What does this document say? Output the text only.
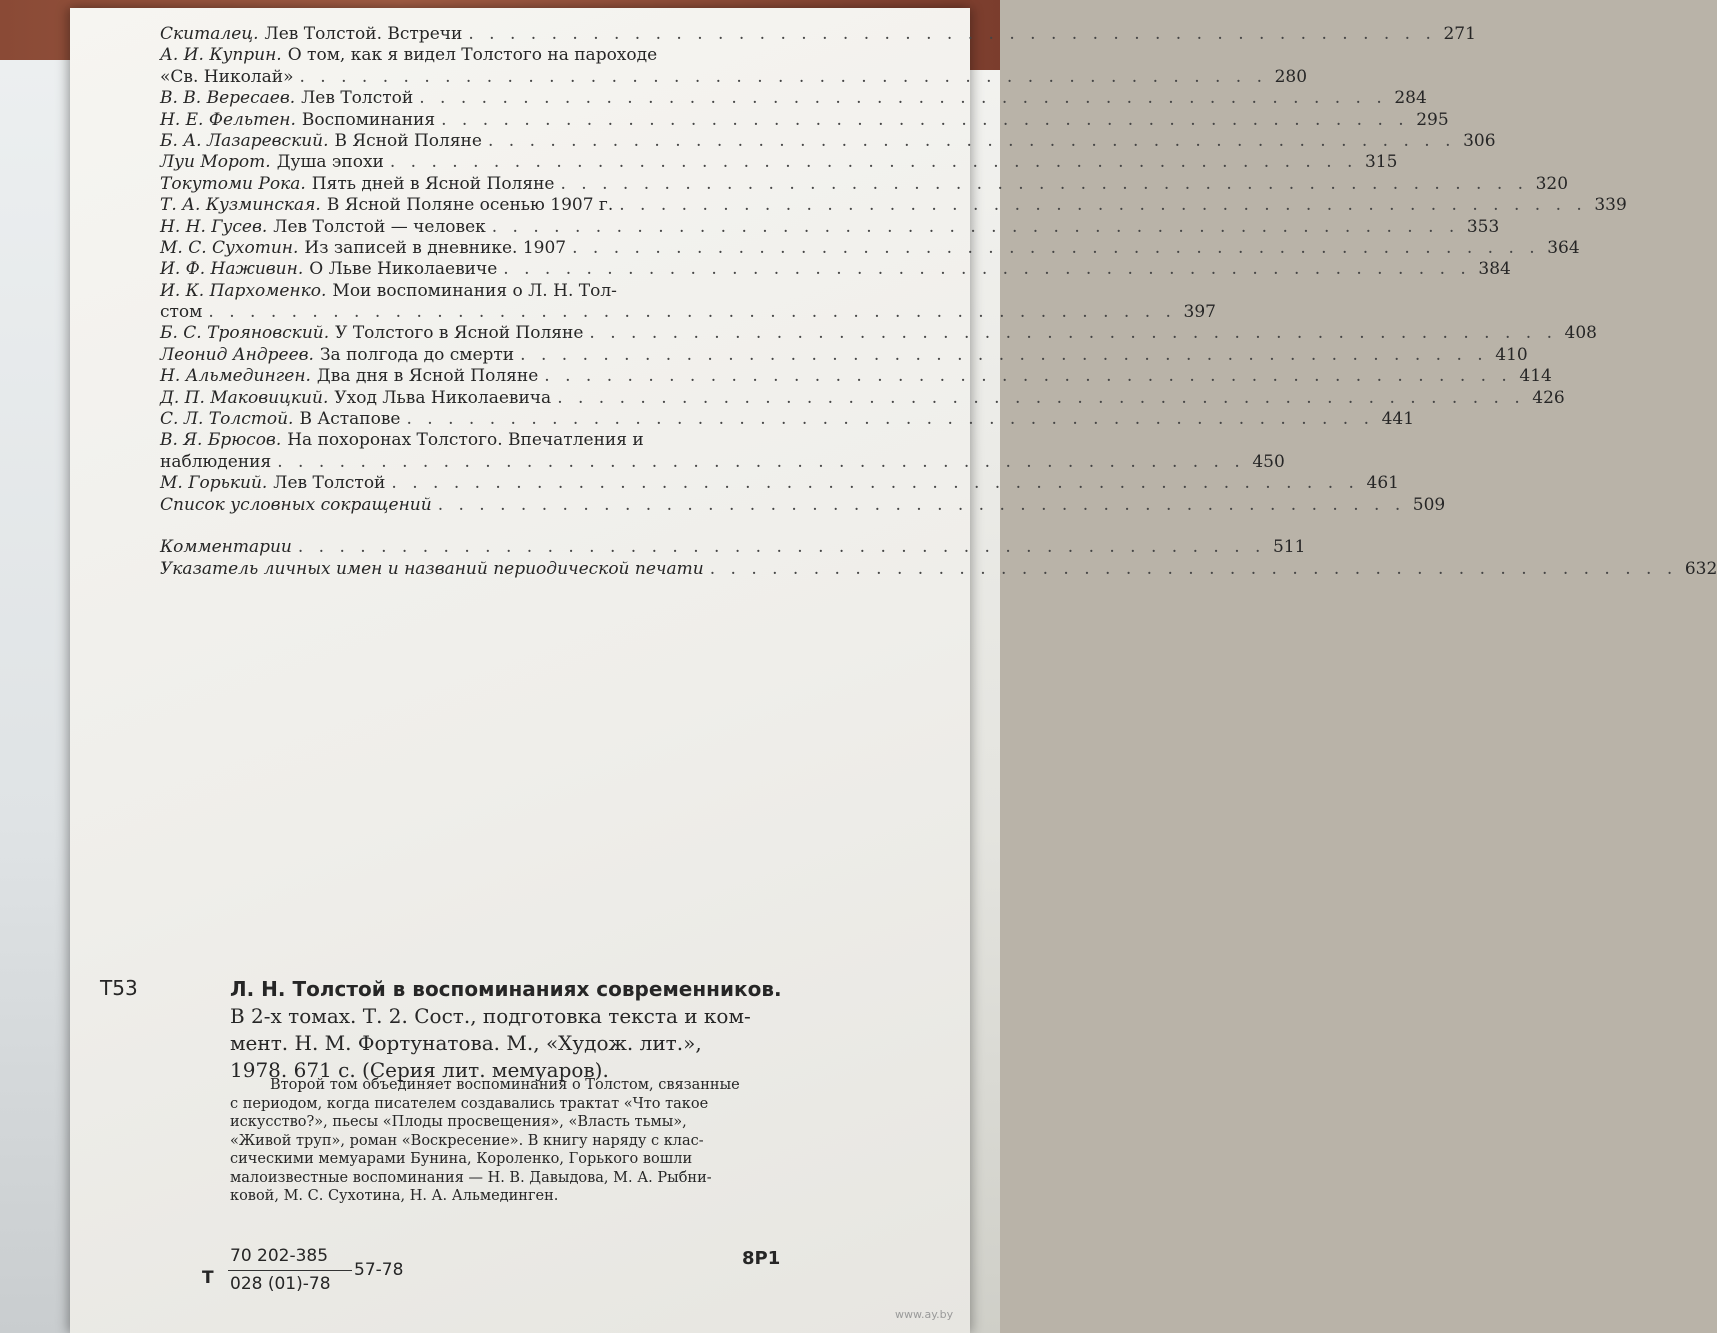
Скиталец. Лев Толстой. Встречи . . . . . . . . . . . . . . . . . . . . . . . . . . . . . . . . . . . . . . . . . . . . . . . 271
А. И. Куприн. О том, как я видел Толстого на пароходе
«Св. Николай» . . . . . . . . . . . . . . . . . . . . . . . . . . . . . . . . . . . . . . . . . . . . . . . 280
В. В. Вересаев. Лев Толстой . . . . . . . . . . . . . . . . . . . . . . . . . . . . . . . . . . . . . . . . . . . . . . . 284
Н. Е. Фельтен. Воспоминания . . . . . . . . . . . . . . . . . . . . . . . . . . . . . . . . . . . . . . . . . . . . . . . 295
Б. А. Лазаревский. В Ясной Поляне . . . . . . . . . . . . . . . . . . . . . . . . . . . . . . . . . . . . . . . . . . . . . . . 306
Луи Морот. Душа эпохи . . . . . . . . . . . . . . . . . . . . . . . . . . . . . . . . . . . . . . . . . . . . . . . 315
Токутоми Рока. Пять дней в Ясной Поляне . . . . . . . . . . . . . . . . . . . . . . . . . . . . . . . . . . . . . . . . . . . . . . . 320
Т. А. Кузминская. В Ясной Поляне осенью 1907 г. . . . . . . . . . . . . . . . . . . . . . . . . . . . . . . . . . . . . . . . . . . . . . . . 339
Н. Н. Гусев. Лев Толстой — человек . . . . . . . . . . . . . . . . . . . . . . . . . . . . . . . . . . . . . . . . . . . . . . . 353
М. С. Сухотин. Из записей в дневнике. 1907 . . . . . . . . . . . . . . . . . . . . . . . . . . . . . . . . . . . . . . . . . . . . . . . 364
И. Ф. Наживин. О Льве Николаевиче . . . . . . . . . . . . . . . . . . . . . . . . . . . . . . . . . . . . . . . . . . . . . . . 384
И. К. Пархоменко. Мои воспоминания о Л. Н. Тол-
стом . . . . . . . . . . . . . . . . . . . . . . . . . . . . . . . . . . . . . . . . . . . . . . . 397
Б. С. Трояновский. У Толстого в Ясной Поляне . . . . . . . . . . . . . . . . . . . . . . . . . . . . . . . . . . . . . . . . . . . . . . . 408
Леонид Андреев. За полгода до смерти . . . . . . . . . . . . . . . . . . . . . . . . . . . . . . . . . . . . . . . . . . . . . . . 410
Н. Альмединген. Два дня в Ясной Поляне . . . . . . . . . . . . . . . . . . . . . . . . . . . . . . . . . . . . . . . . . . . . . . . 414
Д. П. Маковицкий. Уход Льва Николаевича . . . . . . . . . . . . . . . . . . . . . . . . . . . . . . . . . . . . . . . . . . . . . . . 426
С. Л. Толстой. В Астапове . . . . . . . . . . . . . . . . . . . . . . . . . . . . . . . . . . . . . . . . . . . . . . . 441
В. Я. Брюсов. На похоронах Толстого. Впечатления и
наблюдения . . . . . . . . . . . . . . . . . . . . . . . . . . . . . . . . . . . . . . . . . . . . . . . 450
М. Горький. Лев Толстой . . . . . . . . . . . . . . . . . . . . . . . . . . . . . . . . . . . . . . . . . . . . . . . 461
Список условных сокращений . . . . . . . . . . . . . . . . . . . . . . . . . . . . . . . . . . . . . . . . . . . . . . . 509
Комментарии . . . . . . . . . . . . . . . . . . . . . . . . . . . . . . . . . . . . . . . . . . . . . . . 511
Указатель личных имен и названий периодической печати . . . . . . . . . . . . . . . . . . . . . . . . . . . . . . . . . . . . . . . . . . . . . . . 632
Т53	Л. Н. Толстой в воспоминаниях современников.
В 2-х томах. Т. 2. Сост., подготовка текста и ком-
мент. Н. М. Фортунатова. М., «Худож. лит.»,
1978. 671 с. (Серия лит. мемуаров).
Второй том объединяет воспоминания о Толстом, связанные
с периодом, когда писателем создавались трактат «Что такое
искусство?», пьесы «Плоды просвещения», «Власть тьмы»,
«Живой труп», роман «Воскресение». В книгу наряду с клас-
сическими мемуарами Бунина, Короленко, Горького вошли
малоизвестные воспоминания — Н. В. Давыдова, М. А. Рыбни-
ковой, М. С. Сухотина, Н. А. Альмединген.
8Р1
Т
70 202-385
028 (01)-78
57-78
www.ay.by
